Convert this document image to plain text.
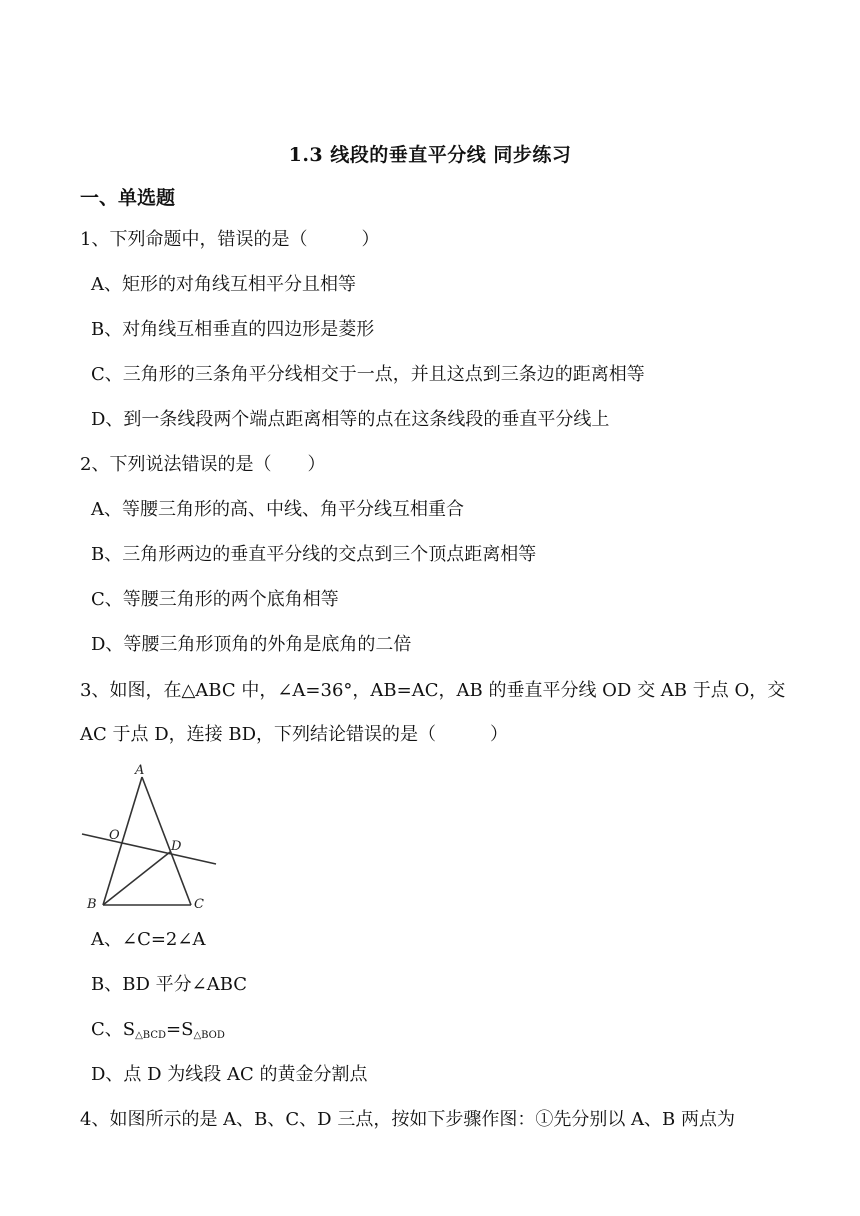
1.3 线段的垂直平分线 同步练习
一、单选题
1、下列命题中，错误的是（　　　）
A、矩形的对角线互相平分且相等
B、对角线互相垂直的四边形是菱形
C、三角形的三条角平分线相交于一点，并且这点到三条边的距离相等
D、到一条线段两个端点距离相等的点在这条线段的垂直平分线上
2、下列说法错误的是（　　）
A、等腰三角形的高、中线、角平分线互相重合
B、三角形两边的垂直平分线的交点到三个顶点距离相等
C、等腰三角形的两个底角相等
D、等腰三角形顶角的外角是底角的二倍
3、如图，在△ABC 中，∠A=36°，AB=AC，AB 的垂直平分线 OD 交 AB 于点 O，交
AC 于点 D，连接 BD，下列结论错误的是（　　　）
A
O
D
B	C
A、∠C=2∠A
B、BD 平分∠ABC
C、$S_{\triangle BCD}=S_{\triangle BOD}$
D、点 D 为线段 AC 的黄金分割点
4、如图所示的是 A、B、C、D 三点，按如下步骤作图：①先分别以 A、B 两点为
